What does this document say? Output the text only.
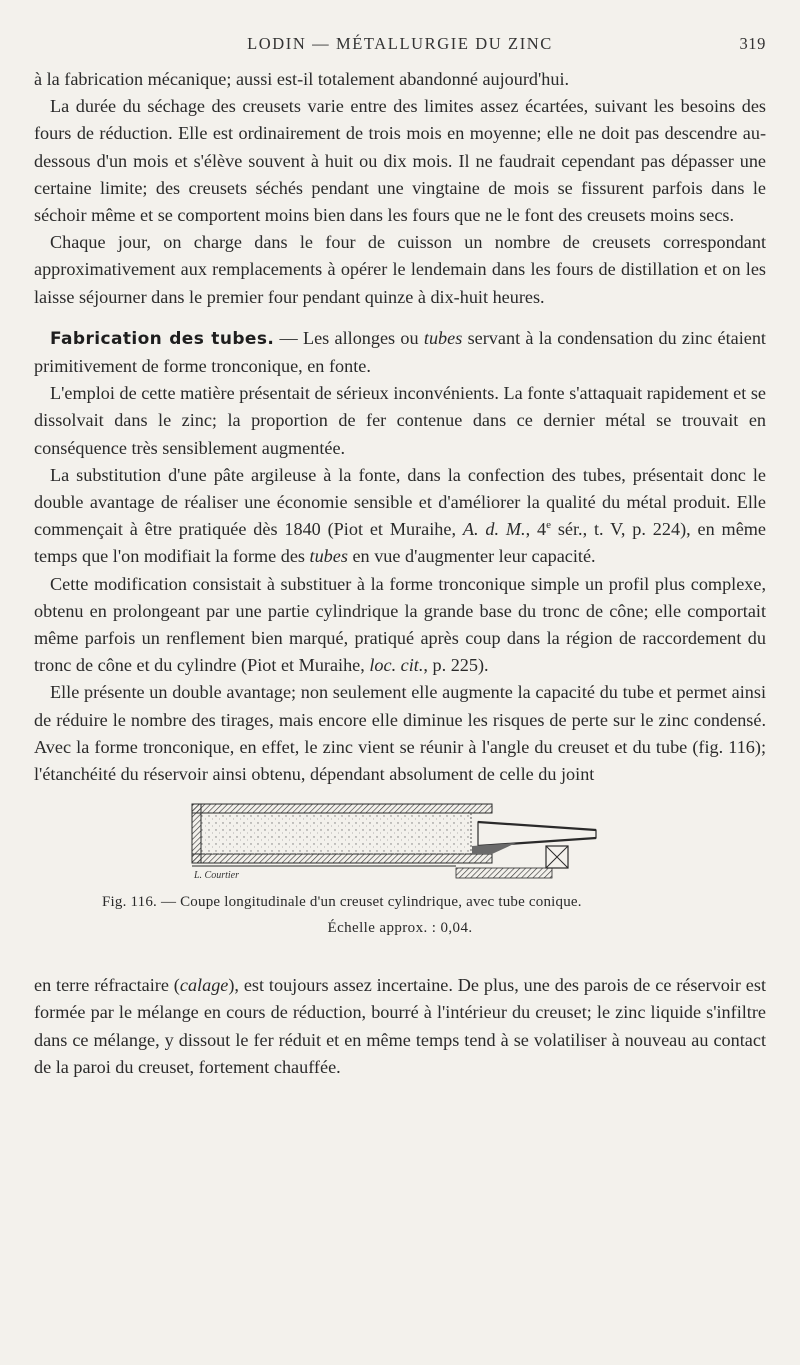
LODIN — MÉTALLURGIE DU ZINC	319

à la fabrication mécanique; aussi est-il totalement abandonné aujourd'hui.

La durée du séchage des creusets varie entre des limites assez écartées, suivant les besoins des fours de réduction. Elle est ordinairement de trois mois en moyenne; elle ne doit pas descendre au-dessous d'un mois et s'élève souvent à huit ou dix mois. Il ne faudrait cependant pas dépasser une certaine limite; des creusets séchés pendant une vingtaine de mois se fissurent parfois dans le séchoir même et se comportent moins bien dans les fours que ne le font des creusets moins secs.

Chaque jour, on charge dans le four de cuisson un nombre de creusets correspondant approximativement aux remplacements à opérer le lendemain dans les fours de distillation et on les laisse séjourner dans le premier four pendant quinze à dix-huit heures.

Fabrication des tubes. — Les allonges ou tubes servant à la condensation du zinc étaient primitivement de forme tronconique, en fonte.

L'emploi de cette matière présentait de sérieux inconvénients. La fonte s'attaquait rapidement et se dissolvait dans le zinc; la proportion de fer contenue dans ce dernier métal se trouvait en conséquence très sensiblement augmentée.

La substitution d'une pâte argileuse à la fonte, dans la confection des tubes, présentait donc le double avantage de réaliser une économie sensible et d'améliorer la qualité du métal produit. Elle commençait à être pratiquée dès 1840 (Piot et Muraihe, A. d. M., 4e sér., t. V, p. 224), en même temps que l'on modifiait la forme des tubes en vue d'augmenter leur capacité.

Cette modification consistait à substituer à la forme tronconique simple un profil plus complexe, obtenu en prolongeant par une partie cylindrique la grande base du tronc de cône; elle comportait même parfois un renflement bien marqué, pratiqué après coup dans la région de raccordement du tronc de cône et du cylindre (Piot et Muraihe, loc. cit., p. 225).

Elle présente un double avantage; non seulement elle augmente la capacité du tube et permet ainsi de réduire le nombre des tirages, mais encore elle diminue les risques de perte sur le zinc condensé. Avec la forme tronconique, en effet, le zinc vient se réunir à l'angle du creuset et du tube (fig. 116); l'étanchéité du réservoir ainsi obtenu, dépendant absolument de celle du joint

L. Courtier
Fig. 116. — Coupe longitudinale d'un creuset cylindrique, avec tube conique.
Échelle approx. : 0,04.

en terre réfractaire (calage), est toujours assez incertaine. De plus, une des parois de ce réservoir est formée par le mélange en cours de réduction, bourré à l'intérieur du creuset; le zinc liquide s'infiltre dans ce mélange, y dissout le fer réduit et en même temps tend à se volatiliser à nouveau au contact de la paroi du creuset, fortement chauffée.
